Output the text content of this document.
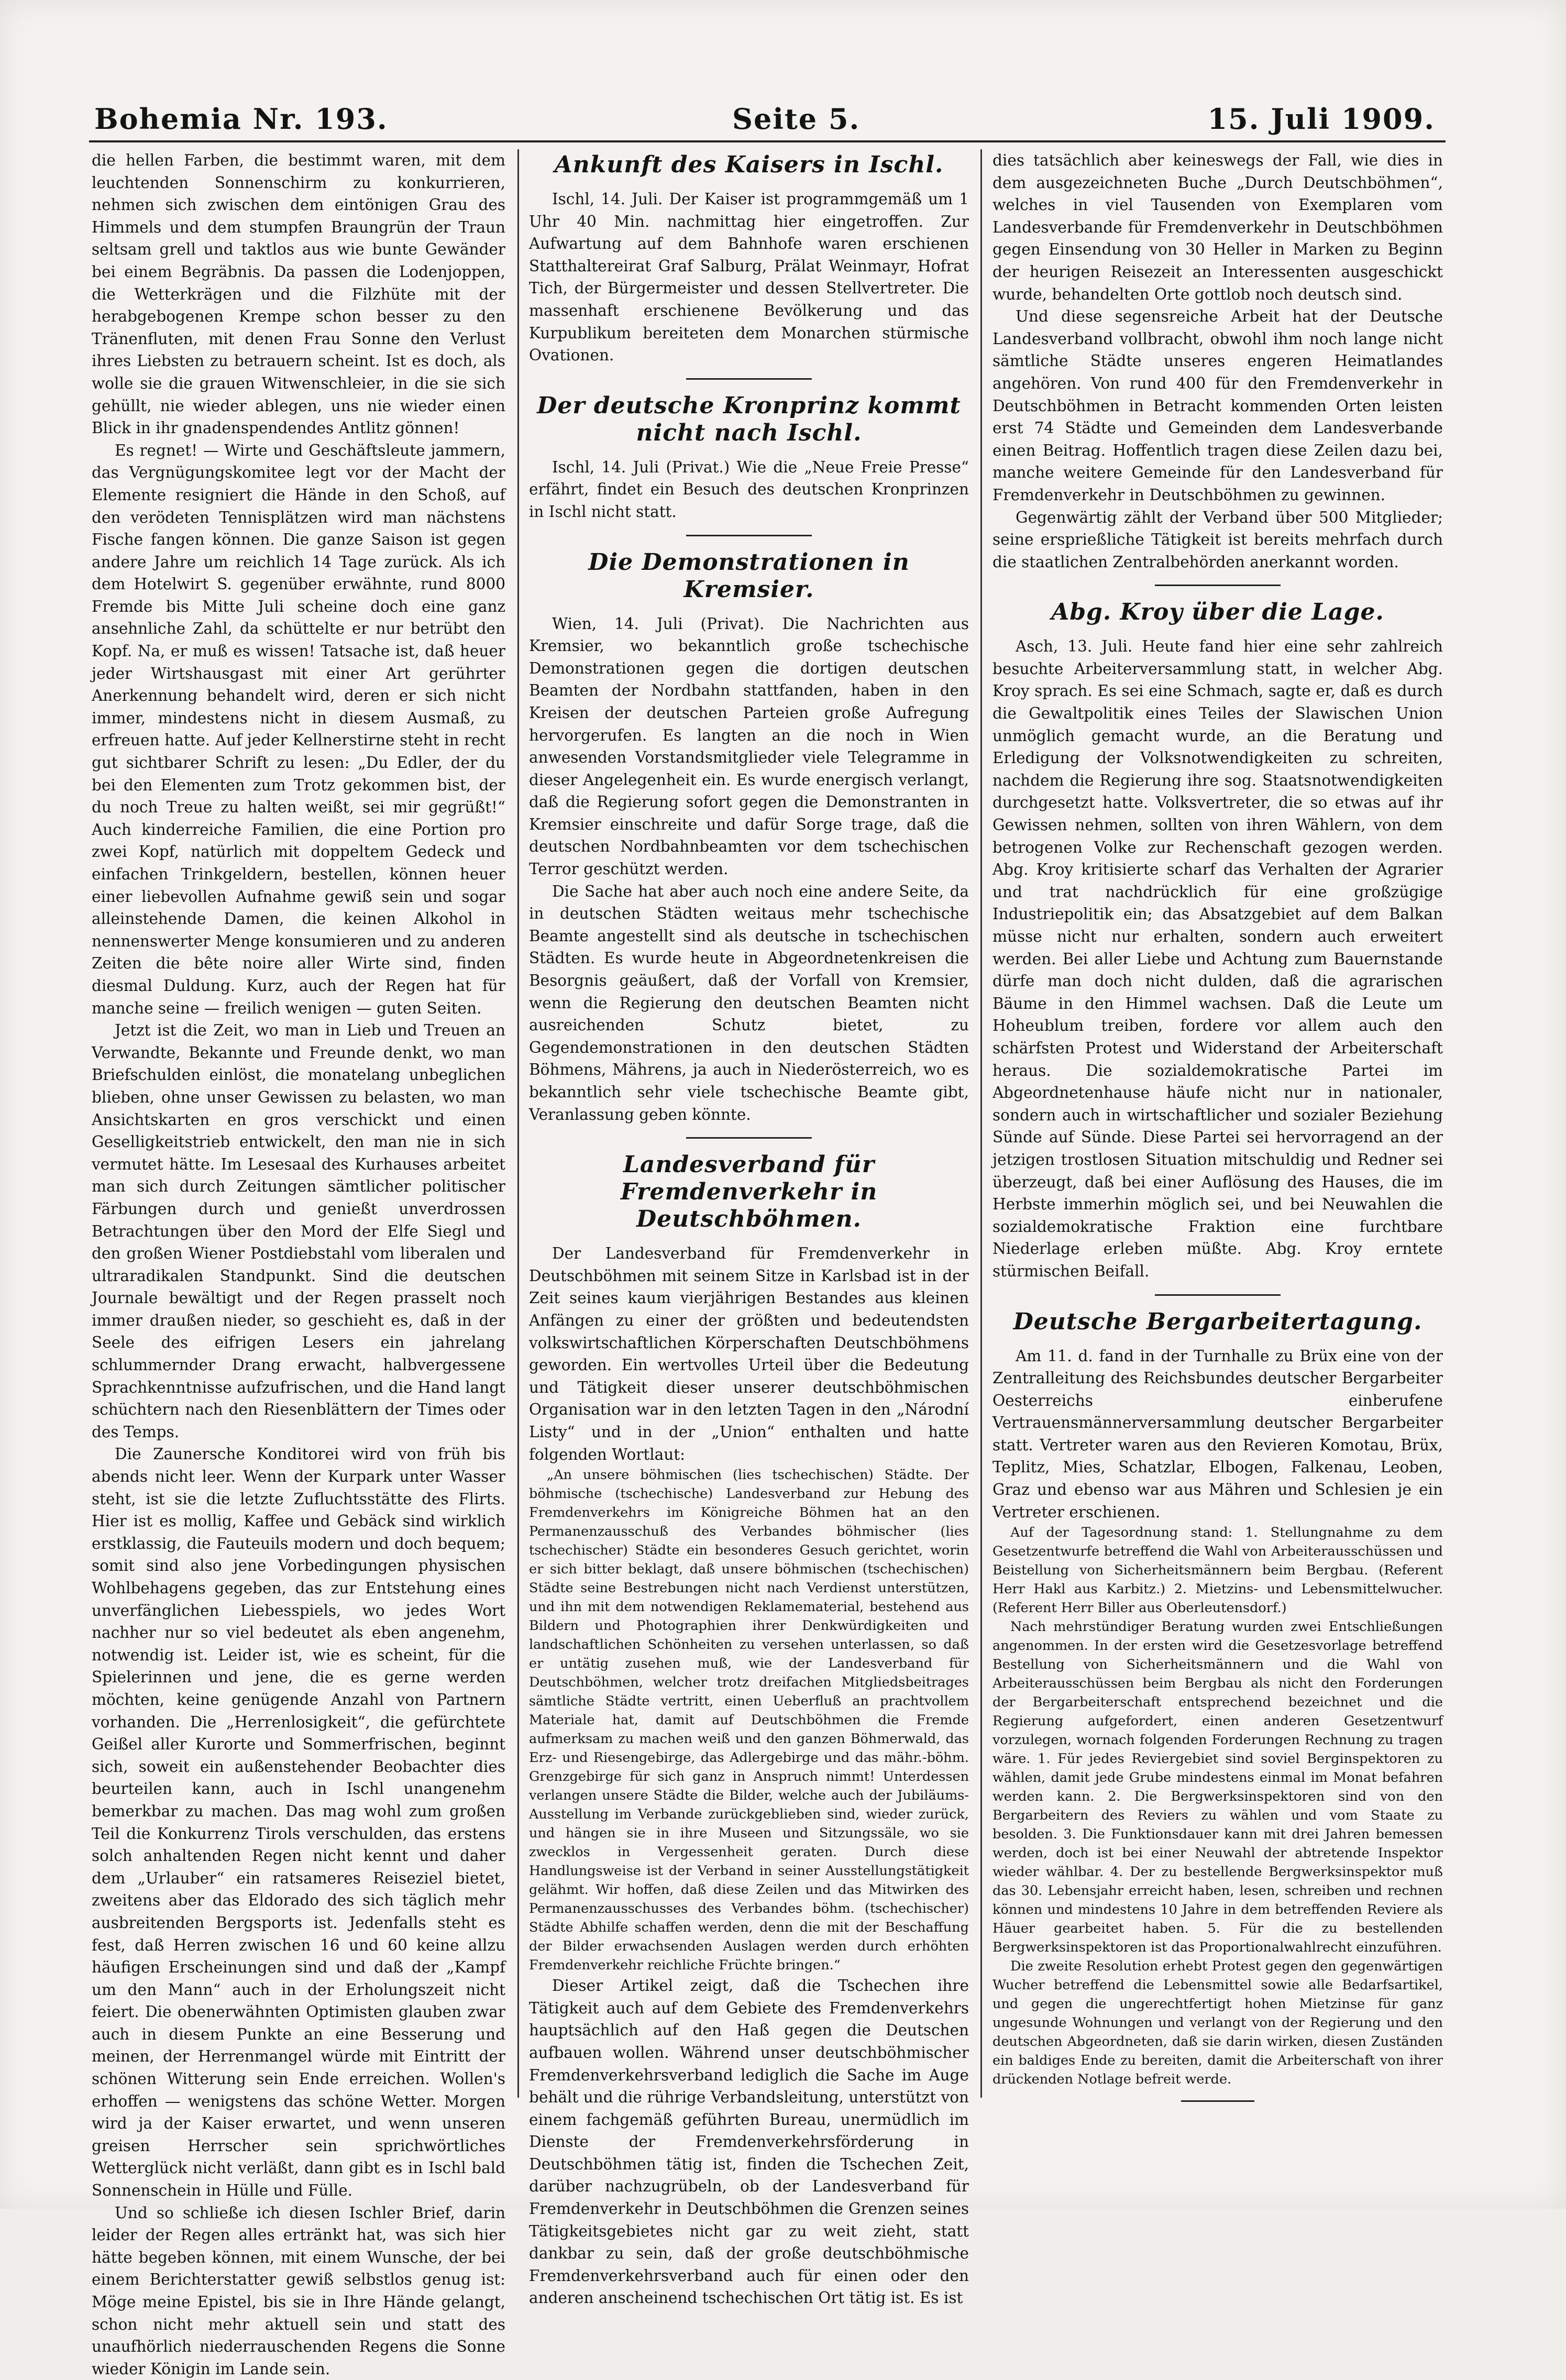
Bohemia Nr. 193.	Seite 5.	15. Juli 1909.

die hellen Farben, die bestimmt waren, mit dem leuchtenden Sonnenschirm zu konkurrieren, nehmen sich zwischen dem eintönigen Grau des Himmels und dem stumpfen Braungrün der Traun seltsam grell und taktlos aus wie bunte Gewänder bei einem Begräbnis. Da passen die Lodenjoppen, die Wetterkrägen und die Filzhüte mit der herabgebogenen Krempe schon besser zu den Tränenfluten, mit denen Frau Sonne den Verlust ihres Liebsten zu betrauern scheint. Ist es doch, als wolle sie die grauen Witwenschleier, in die sie sich gehüllt, nie wieder ablegen, uns nie wieder einen Blick in ihr gnadenspendendes Antlitz gönnen!

Es regnet! — Wirte und Geschäftsleute jammern, das Vergnügungskomitee legt vor der Macht der Elemente resigniert die Hände in den Schoß, auf den verödeten Tennisplätzen wird man nächstens Fische fangen können. Die ganze Saison ist gegen andere Jahre um reichlich 14 Tage zurück. Als ich dem Hotelwirt S. gegenüber erwähnte, rund 8000 Fremde bis Mitte Juli scheine doch eine ganz ansehnliche Zahl, da schüttelte er nur betrübt den Kopf. Na, er muß es wissen! Tatsache ist, daß heuer jeder Wirtshausgast mit einer Art gerührter Anerkennung behandelt wird, deren er sich nicht immer, mindestens nicht in diesem Ausmaß, zu erfreuen hatte. Auf jeder Kellnerstirne steht in recht gut sichtbarer Schrift zu lesen: „Du Edler, der du bei den Elementen zum Trotz gekommen bist, der du noch Treue zu halten weißt, sei mir gegrüßt!“ Auch kinderreiche Familien, die eine Portion pro zwei Kopf, natürlich mit doppeltem Gedeck und einfachen Trinkgeldern, bestellen, können heuer einer liebevollen Aufnahme gewiß sein und sogar alleinstehende Damen, die keinen Alkohol in nennenswerter Menge konsumieren und zu anderen Zeiten die bête noire aller Wirte sind, finden diesmal Duldung. Kurz, auch der Regen hat für manche seine — freilich wenigen — guten Seiten.

Jetzt ist die Zeit, wo man in Lieb und Treuen an Verwandte, Bekannte und Freunde denkt, wo man Briefschulden einlöst, die monatelang unbeglichen blieben, ohne unser Gewissen zu belasten, wo man Ansichtskarten en gros verschickt und einen Geselligkeitstrieb entwickelt, den man nie in sich vermutet hätte. Im Lesesaal des Kurhauses arbeitet man sich durch Zeitungen sämtlicher politischer Färbungen durch und genießt unverdrossen Betrachtungen über den Mord der Elfe Siegl und den großen Wiener Postdiebstahl vom liberalen und ultraradikalen Standpunkt. Sind die deutschen Journale bewältigt und der Regen prasselt noch immer draußen nieder, so geschieht es, daß in der Seele des eifrigen Lesers ein jahrelang schlummernder Drang erwacht, halbvergessene Sprachkenntnisse aufzufrischen, und die Hand langt schüchtern nach den Riesenblättern der Times oder des Temps.

Die Zaunersche Konditorei wird von früh bis abends nicht leer. Wenn der Kurpark unter Wasser steht, ist sie die letzte Zufluchtsstätte des Flirts. Hier ist es mollig, Kaffee und Gebäck sind wirklich erstklassig, die Fauteuils modern und doch bequem; somit sind also jene Vorbedingungen physischen Wohlbehagens gegeben, das zur Entstehung eines unverfänglichen Liebesspiels, wo jedes Wort nachher nur so viel bedeutet als eben angenehm, notwendig ist. Leider ist, wie es scheint, für die Spielerinnen und jene, die es gerne werden möchten, keine genügende Anzahl von Partnern vorhanden. Die „Herrenlosigkeit“, die gefürchtete Geißel aller Kurorte und Sommerfrischen, beginnt sich, soweit ein außenstehender Beobachter dies beurteilen kann, auch in Ischl unangenehm bemerkbar zu machen. Das mag wohl zum großen Teil die Konkurrenz Tirols verschulden, das erstens solch anhaltenden Regen nicht kennt und daher dem „Urlauber“ ein ratsameres Reiseziel bietet, zweitens aber das Eldorado des sich täglich mehr ausbreitenden Bergsports ist. Jedenfalls steht es fest, daß Herren zwischen 16 und 60 keine allzu häufigen Erscheinungen sind und daß der „Kampf um den Mann“ auch in der Erholungszeit nicht feiert. Die obenerwähnten Optimisten glauben zwar auch in diesem Punkte an eine Besserung und meinen, der Herrenmangel würde mit Eintritt der schönen Witterung sein Ende erreichen. Wollen's erhoffen — wenigstens das schöne Wetter. Morgen wird ja der Kaiser erwartet, und wenn unseren greisen Herrscher sein sprichwörtliches Wetterglück nicht verläßt, dann gibt es in Ischl bald Sonnenschein in Hülle und Fülle.

Und so schließe ich diesen Ischler Brief, darin leider der Regen alles ertränkt hat, was sich hier hätte begeben können, mit einem Wunsche, der bei einem Berichterstatter gewiß selbstlos genug ist: Möge meine Epistel, bis sie in Ihre Hände gelangt, schon nicht mehr aktuell sein und statt des unaufhörlich niederrauschenden Regens die Sonne wieder Königin im Lande sein.

Ankunft des Kaisers in Ischl.

Ischl, 14. Juli. Der Kaiser ist programmgemäß um 1 Uhr 40 Min. nachmittag hier eingetroffen. Zur Aufwartung auf dem Bahnhofe waren erschienen Statthaltereirat Graf Salburg, Prälat Weinmayr, Hofrat Tich, der Bürgermeister und dessen Stellvertreter. Die massenhaft erschienene Bevölkerung und das Kurpublikum bereiteten dem Monarchen stürmische Ovationen.

Der deutsche Kronprinz kommt nicht nach Ischl.

Ischl, 14. Juli (Privat.) Wie die „Neue Freie Presse“ erfährt, findet ein Besuch des deutschen Kronprinzen in Ischl nicht statt.

Die Demonstrationen in Kremsier.

Wien, 14. Juli (Privat). Die Nachrichten aus Kremsier, wo bekanntlich große tschechische Demonstrationen gegen die dortigen deutschen Beamten der Nordbahn stattfanden, haben in den Kreisen der deutschen Parteien große Aufregung hervorgerufen. Es langten an die noch in Wien anwesenden Vorstandsmitglieder viele Telegramme in dieser Angelegenheit ein. Es wurde energisch verlangt, daß die Regierung sofort gegen die Demonstranten in Kremsier einschreite und dafür Sorge trage, daß die deutschen Nordbahnbeamten vor dem tschechischen Terror geschützt werden.

Die Sache hat aber auch noch eine andere Seite, da in deutschen Städten weitaus mehr tschechische Beamte angestellt sind als deutsche in tschechischen Städten. Es wurde heute in Abgeordnetenkreisen die Besorgnis geäußert, daß der Vorfall von Kremsier, wenn die Regierung den deutschen Beamten nicht ausreichenden Schutz bietet, zu Gegendemonstrationen in den deutschen Städten Böhmens, Mährens, ja auch in Niederösterreich, wo es bekanntlich sehr viele tschechische Beamte gibt, Veranlassung geben könnte.

Landesverband für Fremdenverkehr in Deutschböhmen.

Der Landesverband für Fremdenverkehr in Deutschböhmen mit seinem Sitze in Karlsbad ist in der Zeit seines kaum vierjährigen Bestandes aus kleinen Anfängen zu einer der größten und bedeutendsten volkswirtschaftlichen Körperschaften Deutschböhmens geworden. Ein wertvolles Urteil über die Bedeutung und Tätigkeit dieser unserer deutschböhmischen Organisation war in den letzten Tagen in den „Národní Listy“ und in der „Union“ enthalten und hatte folgenden Wortlaut:

„An unsere böhmischen (lies tschechischen) Städte. Der böhmische (tschechische) Landesverband zur Hebung des Fremdenverkehrs im Königreiche Böhmen hat an den Permanenzausschuß des Verbandes böhmischer (lies tschechischer) Städte ein besonderes Gesuch gerichtet, worin er sich bitter beklagt, daß unsere böhmischen (tschechischen) Städte seine Bestrebungen nicht nach Verdienst unterstützen, und ihn mit dem notwendigen Reklamematerial, bestehend aus Bildern und Photographien ihrer Denkwürdigkeiten und landschaftlichen Schönheiten zu versehen unterlassen, so daß er untätig zusehen muß, wie der Landesverband für Deutschböhmen, welcher trotz dreifachen Mitgliedsbeitrages sämtliche Städte vertritt, einen Ueberfluß an prachtvollem Materiale hat, damit auf Deutschböhmen die Fremde aufmerksam zu machen weiß und den ganzen Böhmerwald, das Erz- und Riesengebirge, das Adlergebirge und das mähr.-böhm. Grenzgebirge für sich ganz in Anspruch nimmt! Unterdessen verlangen unsere Städte die Bilder, welche auch der Jubiläums-Ausstellung im Verbande zurückgeblieben sind, wieder zurück, und hängen sie in ihre Museen und Sitzungssäle, wo sie zwecklos in Vergessenheit geraten. Durch diese Handlungsweise ist der Verband in seiner Ausstellungstätigkeit gelähmt. Wir hoffen, daß diese Zeilen und das Mitwirken des Permanenzausschusses des Verbandes böhm. (tschechischer) Städte Abhilfe schaffen werden, denn die mit der Beschaffung der Bilder erwachsenden Auslagen werden durch erhöhten Fremdenverkehr reichliche Früchte bringen.“

Dieser Artikel zeigt, daß die Tschechen ihre Tätigkeit auch auf dem Gebiete des Fremdenverkehrs hauptsächlich auf den Haß gegen die Deutschen aufbauen wollen. Während unser deutschböhmischer Fremdenverkehrsverband lediglich die Sache im Auge behält und die rührige Verbandsleitung, unterstützt von einem fachgemäß geführten Bureau, unermüdlich im Dienste der Fremdenverkehrsförderung in Deutschböhmen tätig ist, finden die Tschechen Zeit, darüber nachzugrübeln, ob der Landesverband für Fremdenverkehr in Deutschböhmen die Grenzen seines Tätigkeitsgebietes nicht gar zu weit zieht, statt dankbar zu sein, daß der große deutschböhmische Fremdenverkehrsverband auch für einen oder den anderen anscheinend tschechischen Ort tätig ist. Es ist

dies tatsächlich aber keineswegs der Fall, wie dies in dem ausgezeichneten Buche „Durch Deutschböhmen“, welches in viel Tausenden von Exemplaren vom Landesverbande für Fremdenverkehr in Deutschböhmen gegen Einsendung von 30 Heller in Marken zu Beginn der heurigen Reisezeit an Interessenten ausgeschickt wurde, behandelten Orte gottlob noch deutsch sind.

Und diese segensreiche Arbeit hat der Deutsche Landesverband vollbracht, obwohl ihm noch lange nicht sämtliche Städte unseres engeren Heimatlandes angehören. Von rund 400 für den Fremdenverkehr in Deutschböhmen in Betracht kommenden Orten leisten erst 74 Städte und Gemeinden dem Landesverbande einen Beitrag. Hoffentlich tragen diese Zeilen dazu bei, manche weitere Gemeinde für den Landesverband für Fremdenverkehr in Deutschböhmen zu gewinnen.

Gegenwärtig zählt der Verband über 500 Mitglieder; seine ersprießliche Tätigkeit ist bereits mehrfach durch die staatlichen Zentralbehörden anerkannt worden.

Abg. Kroy über die Lage.

Asch, 13. Juli. Heute fand hier eine sehr zahlreich besuchte Arbeiterversammlung statt, in welcher Abg. Kroy sprach. Es sei eine Schmach, sagte er, daß es durch die Gewaltpolitik eines Teiles der Slawischen Union unmöglich gemacht wurde, an die Beratung und Erledigung der Volksnotwendigkeiten zu schreiten, nachdem die Regierung ihre sog. Staatsnotwendigkeiten durchgesetzt hatte. Volksvertreter, die so etwas auf ihr Gewissen nehmen, sollten von ihren Wählern, von dem betrogenen Volke zur Rechenschaft gezogen werden. Abg. Kroy kritisierte scharf das Verhalten der Agrarier und trat nachdrücklich für eine großzügige Industriepolitik ein; das Absatzgebiet auf dem Balkan müsse nicht nur erhalten, sondern auch erweitert werden. Bei aller Liebe und Achtung zum Bauernstande dürfe man doch nicht dulden, daß die agrarischen Bäume in den Himmel wachsen. Daß die Leute um Hoheublum treiben, fordere vor allem auch den schärfsten Protest und Widerstand der Arbeiterschaft heraus. Die sozialdemokratische Partei im Abgeordnetenhause häufe nicht nur in nationaler, sondern auch in wirtschaftlicher und sozialer Beziehung Sünde auf Sünde. Diese Partei sei hervorragend an der jetzigen trostlosen Situation mitschuldig und Redner sei überzeugt, daß bei einer Auflösung des Hauses, die im Herbste immerhin möglich sei, und bei Neuwahlen die sozialdemokratische Fraktion eine furchtbare Niederlage erleben müßte. Abg. Kroy erntete stürmischen Beifall.

Deutsche Bergarbeitertagung.

Am 11. d. fand in der Turnhalle zu Brüx eine von der Zentralleitung des Reichsbundes deutscher Bergarbeiter Oesterreichs einberufene Vertrauensmännerversammlung deutscher Bergarbeiter statt. Vertreter waren aus den Revieren Komotau, Brüx, Teplitz, Mies, Schatzlar, Elbogen, Falkenau, Leoben, Graz und ebenso war aus Mähren und Schlesien je ein Vertreter erschienen.

Auf der Tagesordnung stand: 1. Stellungnahme zu dem Gesetzentwurfe betreffend die Wahl von Arbeiterausschüssen und Beistellung von Sicherheitsmännern beim Bergbau. (Referent Herr Hakl aus Karbitz.) 2. Mietzins- und Lebensmittelwucher. (Referent Herr Biller aus Oberleutensdorf.)

Nach mehrstündiger Beratung wurden zwei Entschließungen angenommen. In der ersten wird die Gesetzesvorlage betreffend Bestellung von Sicherheitsmännern und die Wahl von Arbeiterausschüssen beim Bergbau als nicht den Forderungen der Bergarbeiterschaft entsprechend bezeichnet und die Regierung aufgefordert, einen anderen Gesetzentwurf vorzulegen, wornach folgenden Forderungen Rechnung zu tragen wäre. 1. Für jedes Reviergebiet sind soviel Berginspektoren zu wählen, damit jede Grube mindestens einmal im Monat befahren werden kann. 2. Die Bergwerksinspektoren sind von den Bergarbeitern des Reviers zu wählen und vom Staate zu besolden. 3. Die Funktionsdauer kann mit drei Jahren bemessen werden, doch ist bei einer Neuwahl der abtretende Inspektor wieder wählbar. 4. Der zu bestellende Bergwerksinspektor muß das 30. Lebensjahr erreicht haben, lesen, schreiben und rechnen können und mindestens 10 Jahre in dem betreffenden Reviere als Häuer gearbeitet haben. 5. Für die zu bestellenden Bergwerksinspektoren ist das Proportionalwahlrecht einzuführen.

Die zweite Resolution erhebt Protest gegen den gegenwärtigen Wucher betreffend die Lebensmittel sowie alle Bedarfsartikel, und gegen die ungerechtfertigt hohen Mietzinse für ganz ungesunde Wohnungen und verlangt von der Regierung und den deutschen Abgeordneten, daß sie darin wirken, diesen Zuständen ein baldiges Ende zu bereiten, damit die Arbeiterschaft von ihrer drückenden Notlage befreit werde.
